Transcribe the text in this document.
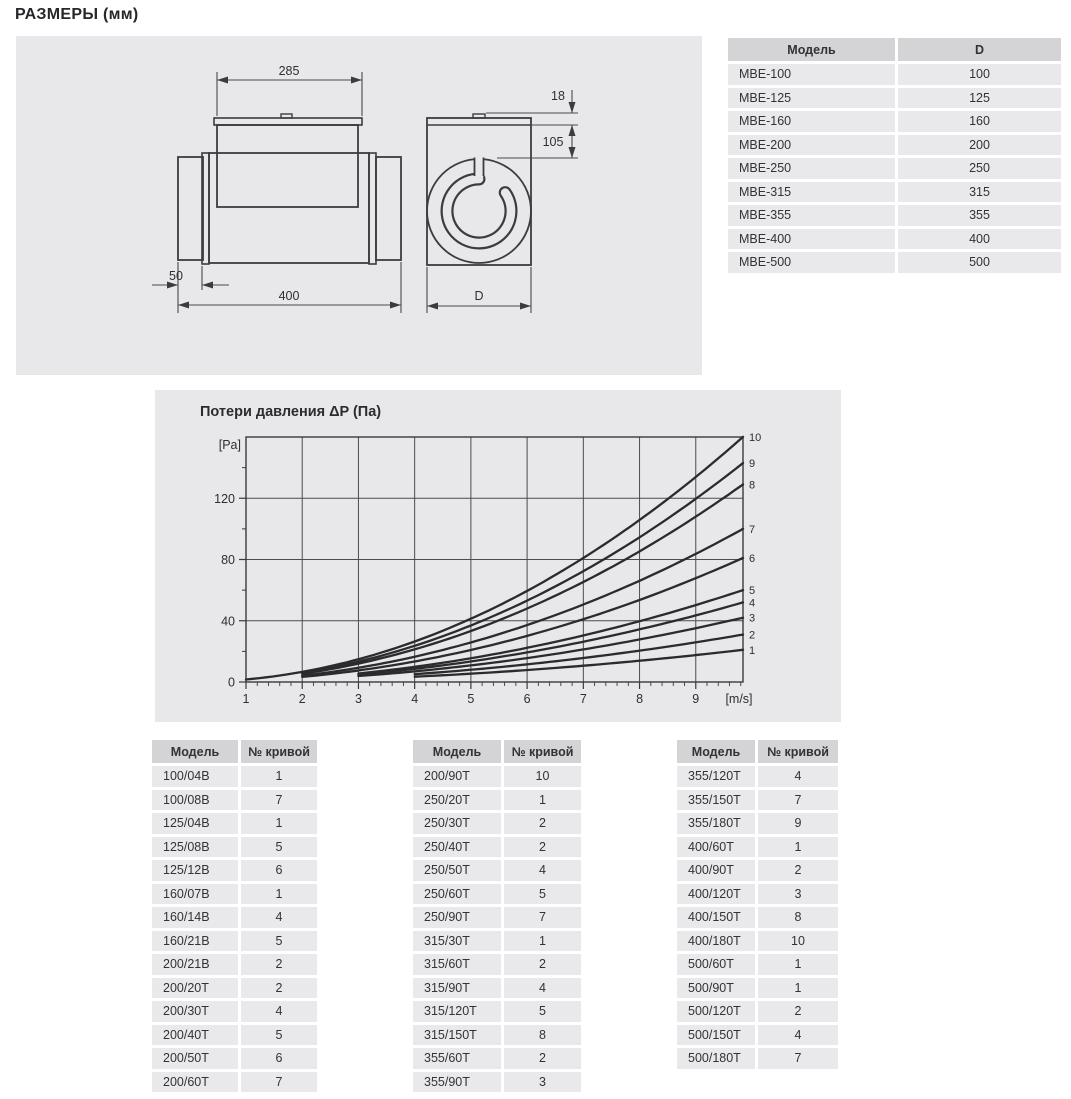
РАЗМЕРЫ (мм)
285
50
400
18
105
D
Модель	D
МВЕ-100	100
МВЕ-125	125
МВЕ-160	160
МВЕ-200	200
МВЕ-250	250
МВЕ-315	315
МВЕ-355	355
МВЕ-400	400
МВЕ-500	500
Потери давления ΔP (Па)
0
40
80
120
[Pa]
1	2	3	4	5	6	7	8	9 [m/s]
1
2
3
4
5
6
7
8
9
10
Модель	№ кривой
100/04В	1
100/08В	7
125/04В	1
125/08В	5
125/12В	6
160/07В	1
160/14В	4
160/21В	5
200/21В	2
200/20Т	2
200/30Т	4
200/40Т	5
200/50Т	6
200/60Т	7
Модель	№ кривой
200/90Т	10
250/20Т	1
250/30Т	2
250/40Т	2
250/50Т	4
250/60Т	5
250/90Т	7
315/30Т	1
315/60Т	2
315/90Т	4
315/120Т	5
315/150Т	8
355/60Т	2
355/90Т	3
Модель	№ кривой
355/120Т	4
355/150Т	7
355/180Т	9
400/60Т	1
400/90Т	2
400/120Т	3
400/150Т	8
400/180Т	10
500/60Т	1
500/90Т	1
500/120Т	2
500/150Т	4
500/180Т	7
